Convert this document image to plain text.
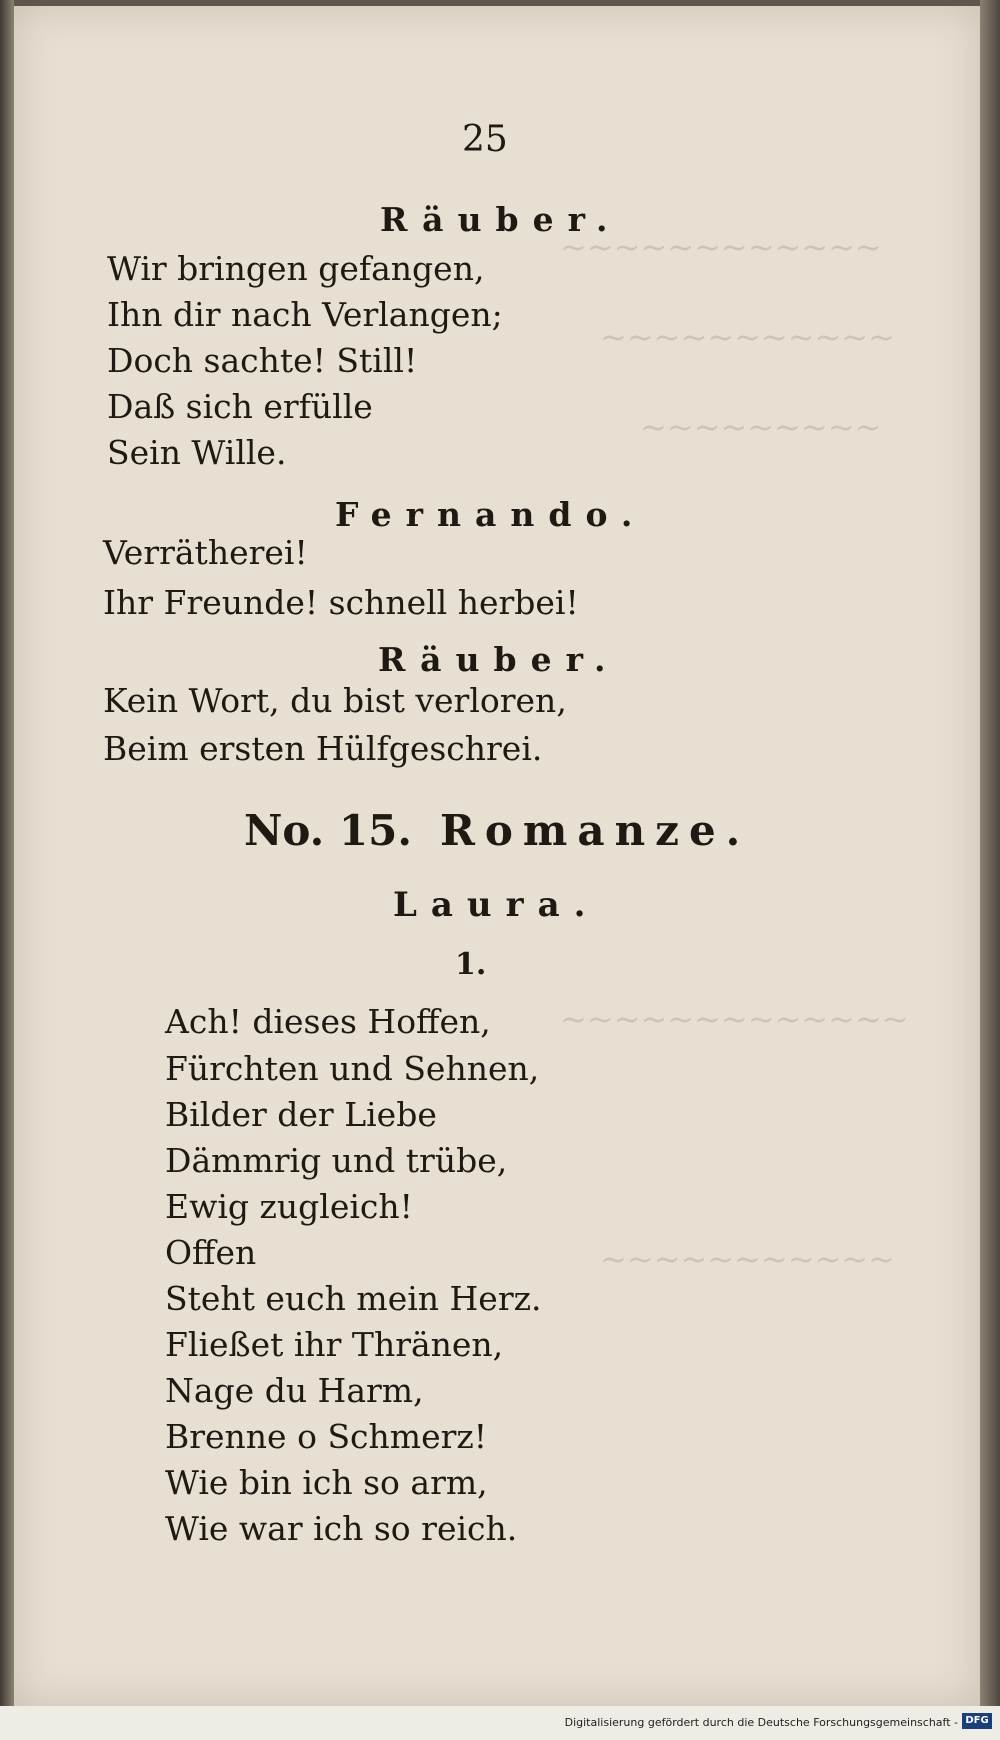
​~~~~~~~~~~~~
​~~~~~~~~~~~
​~~~~~~~~~
​~~~~~~~~~~~~~
​~~~~~~~~~~~
25
Räuber.
Wir bringen gefangen,
Ihn dir nach Verlangen;
Doch sachte! Still!
Daß sich erfülle
Sein Wille.
Fernando.
Verrätherei!
Ihr Freunde! schnell herbei!
Räuber.
Kein Wort, du bist verloren,
Beim ersten Hülfgeschrei.
No. 15. Romanze.
Laura.
1.
Ach! dieses Hoffen,
Fürchten und Sehnen,
Bilder der Liebe
Dämmrig und trübe,
Ewig zugleich!
Offen
Steht euch mein Herz.
Fließet ihr Thränen,
Nage du Harm,
Brenne o Schmerz!
Wie bin ich so arm,
Wie war ich so reich.
Digitalisierung gefördert durch die Deutsche Forschungsgemeinschaft - DFG
